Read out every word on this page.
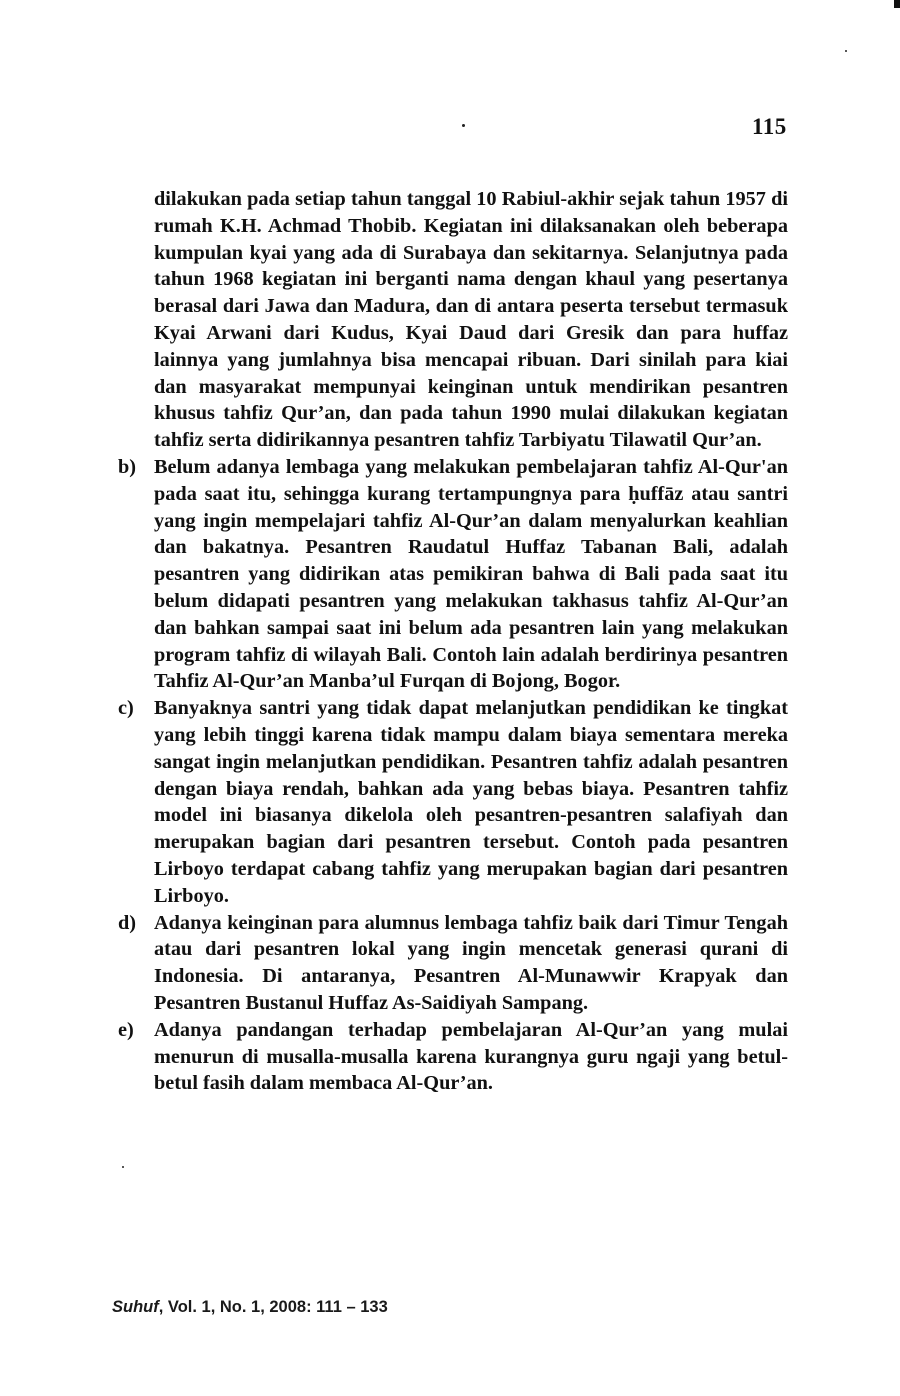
115

dilakukan pada setiap tahun tanggal 10 Rabiul-akhir sejak tahun 1957 di rumah K.H. Achmad Thobib. Kegiatan ini dilaksanakan oleh beberapa kumpulan kyai yang ada di Surabaya dan sekitarnya. Selanjutnya pada tahun 1968 kegiatan ini berganti nama dengan khaul yang pesertanya berasal dari Jawa dan Madura, dan di antara peserta tersebut termasuk Kyai Arwani dari Kudus, Kyai Daud dari Gresik dan para huffaz lainnya yang jumlahnya bisa mencapai ribuan. Dari sinilah para kiai dan masyarakat mempunyai keinginan untuk mendirikan pesantren khusus tahfiz Qur’an, dan pada tahun 1990 mulai dilakukan kegiatan tahfiz serta didirikannya pesantren tahfiz Tarbiyatu Tilawatil Qur’an.

b) Belum adanya lembaga yang melakukan pembelajaran tahfiz Al-Qur'an pada saat itu, sehingga kurang tertampungnya para ḥuffāz atau santri yang ingin mempelajari tahfiz Al-Qur’an dalam menyalurkan keahlian dan bakatnya. Pesantren Raudatul Huffaz Tabanan Bali, adalah pesantren yang didirikan atas pemikiran bahwa di Bali pada saat itu belum didapati pesantren yang melakukan takhasus tahfiz Al-Qur’an dan bahkan sampai saat ini belum ada pesantren lain yang melakukan program tahfiz di wilayah Bali. Contoh lain adalah berdirinya pesantren Tahfiz Al-Qur’an Manba’ul Furqan di Bojong, Bogor.

c) Banyaknya santri yang tidak dapat melanjutkan pendidikan ke tingkat yang lebih tinggi karena tidak mampu dalam biaya sementara mereka sangat ingin melanjutkan pendidikan. Pesantren tahfiz adalah pesantren dengan biaya rendah, bahkan ada yang bebas biaya. Pesantren tahfiz model ini biasanya dikelola oleh pesantren-pesantren salafiyah dan merupakan bagian dari pesantren tersebut. Contoh pada pesantren Lirboyo terdapat cabang tahfiz yang merupakan bagian dari pesantren Lirboyo.

d) Adanya keinginan para alumnus lembaga tahfiz baik dari Timur Tengah atau dari pesantren lokal yang ingin mencetak generasi qurani di Indonesia. Di antaranya, Pesantren Al-Munawwir Krapyak dan Pesantren Bustanul Huffaz As-Saidiyah Sampang.

e) Adanya pandangan terhadap pembelajaran Al-Qur’an yang mulai menurun di musalla-musalla karena kurangnya guru ngaji yang betul-betul fasih dalam membaca Al-Qur’an.

Suhuf, Vol. 1, No. 1, 2008: 111 – 133
